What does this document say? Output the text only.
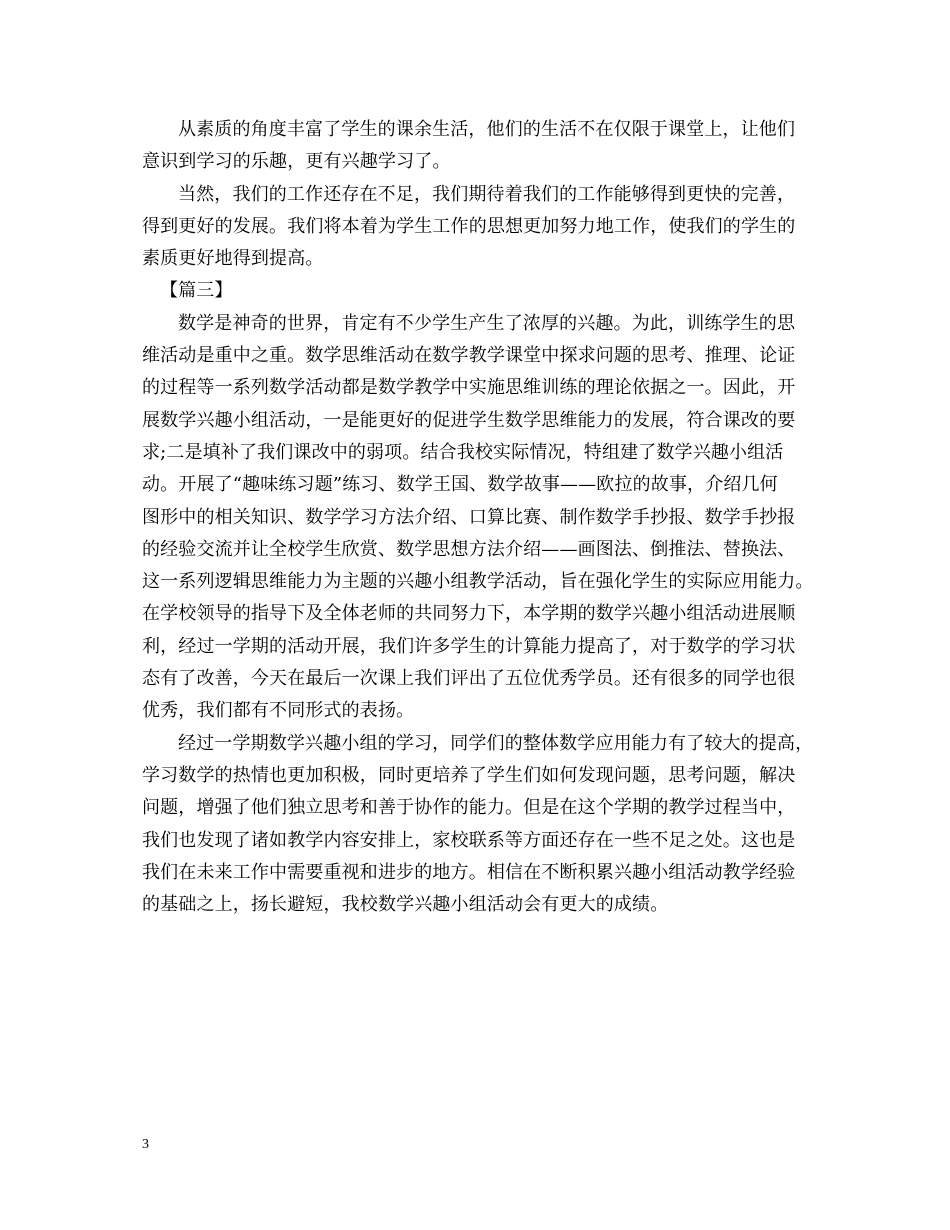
从素质的角度丰富了学生的课余生活，他们的生活不在仅限于课堂上，让他们
意识到学习的乐趣，更有兴趣学习了。
当然，我们的工作还存在不足，我们期待着我们的工作能够得到更快的完善，
得到更好的发展。我们将本着为学生工作的思想更加努力地工作，使我们的学生的
素质更好地得到提高。
【篇三】
数学是神奇的世界，肯定有不少学生产生了浓厚的兴趣。为此，训练学生的思
维活动是重中之重。数学思维活动在数学教学课堂中探求问题的思考、推理、论证
的过程等一系列数学活动都是数学教学中实施思维训练的理论依据之一。因此，开
展数学兴趣小组活动，一是能更好的促进学生数学思维能力的发展，符合课改的要
求;二是填补了我们课改中的弱项。结合我校实际情况，特组建了数学兴趣小组活
动。开展了“趣味练习题”练习、数学王国、数学故事——欧拉的故事，介绍几何
图形中的相关知识、数学学习方法介绍、口算比赛、制作数学手抄报、数学手抄报
的经验交流并让全校学生欣赏、数学思想方法介绍——画图法、倒推法、替换法、
这一系列逻辑思维能力为主题的兴趣小组教学活动，旨在强化学生的实际应用能力。
在学校领导的指导下及全体老师的共同努力下，本学期的数学兴趣小组活动进展顺
利，经过一学期的活动开展，我们许多学生的计算能力提高了，对于数学的学习状
态有了改善，今天在最后一次课上我们评出了五位优秀学员。还有很多的同学也很
优秀，我们都有不同形式的表扬。
经过一学期数学兴趣小组的学习，同学们的整体数学应用能力有了较大的提高，
学习数学的热情也更加积极，同时更培养了学生们如何发现问题，思考问题，解决
问题，增强了他们独立思考和善于协作的能力。但是在这个学期的教学过程当中，
我们也发现了诸如教学内容安排上，家校联系等方面还存在一些不足之处。这也是
我们在未来工作中需要重视和进步的地方。相信在不断积累兴趣小组活动教学经验
的基础之上，扬长避短，我校数学兴趣小组活动会有更大的成绩。
3
